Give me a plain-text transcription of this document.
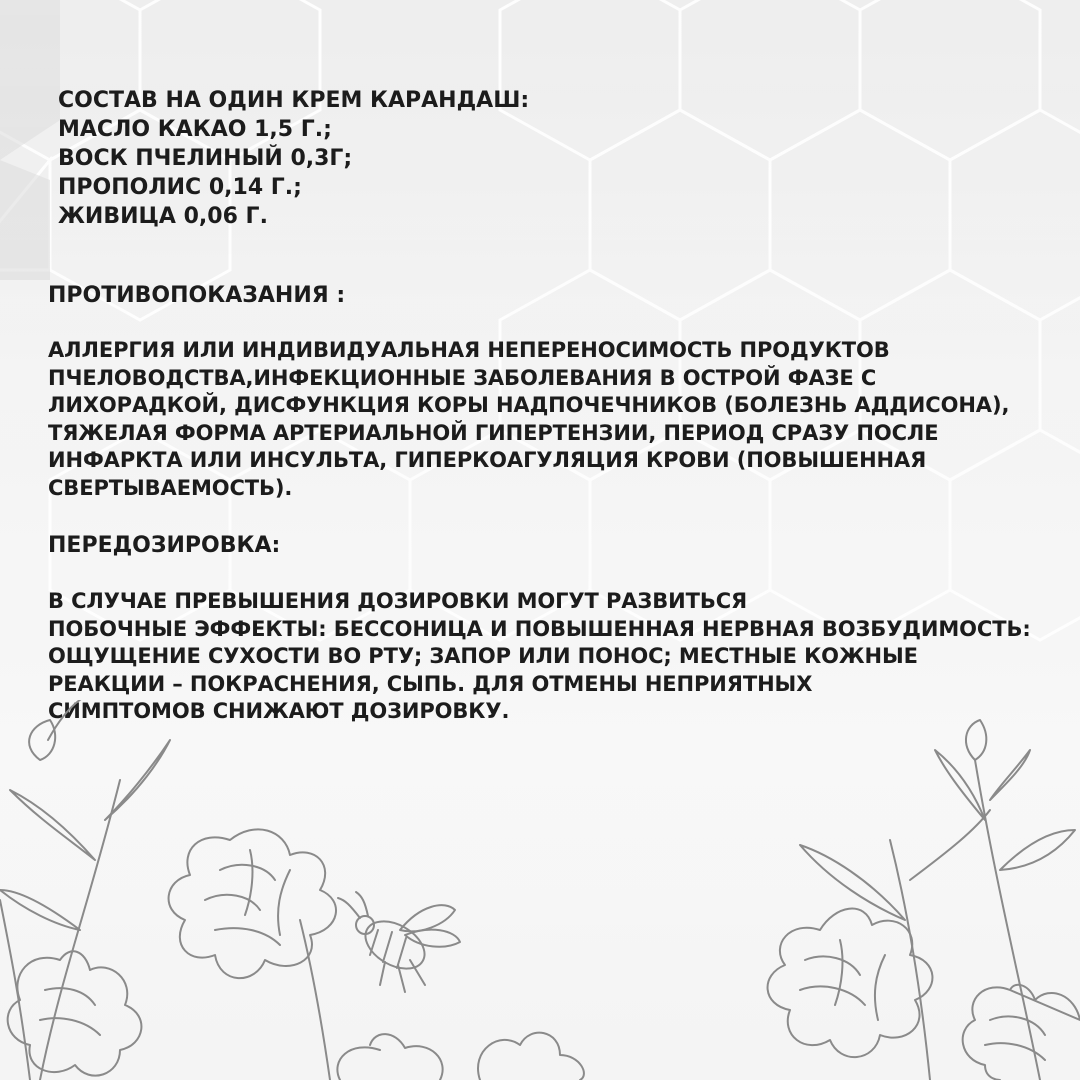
СОСТАВ НА ОДИН КРЕМ КАРАНДАШ:
МАСЛО КАКАО 1,5 Г.;
ВОСК ПЧЕЛИНЫЙ 0,3Г;
ПРОПОЛИС 0,14 Г.;
ЖИВИЦА 0,06 Г.
ПРОТИВОПОКАЗАНИЯ :
АЛЛЕРГИЯ ИЛИ ИНДИВИДУАЛЬНАЯ НЕПЕРЕНОСИМОСТЬ ПРОДУКТОВ
ПЧЕЛОВОДСТВА,ИНФЕКЦИОННЫЕ ЗАБОЛЕВАНИЯ В ОСТРОЙ ФАЗЕ С
ЛИХОРАДКОЙ, ДИСФУНКЦИЯ КОРЫ НАДПОЧЕЧНИКОВ (БОЛЕЗНЬ АДДИСОНА),
ТЯЖЕЛАЯ ФОРМА АРТЕРИАЛЬНОЙ ГИПЕРТЕНЗИИ, ПЕРИОД СРАЗУ ПОСЛЕ
ИНФАРКТА ИЛИ ИНСУЛЬТА, ГИПЕРКОАГУЛЯЦИЯ КРОВИ (ПОВЫШЕННАЯ
СВЕРТЫВАЕМОСТЬ).
ПЕРЕДОЗИРОВКА:
В СЛУЧАЕ ПРЕВЫШЕНИЯ ДОЗИРОВКИ МОГУТ РАЗВИТЬСЯ
ПОБОЧНЫЕ ЭФФЕКТЫ: БЕССОНИЦА И ПОВЫШЕННАЯ НЕРВНАЯ ВОЗБУДИМОСТЬ:
ОЩУЩЕНИЕ СУХОСТИ ВО РТУ; ЗАПОР ИЛИ ПОНОС; МЕСТНЫЕ КОЖНЫЕ
РЕАКЦИИ – ПОКРАСНЕНИЯ, СЫПЬ. ДЛЯ ОТМЕНЫ НЕПРИЯТНЫХ
СИМПТОМОВ СНИЖАЮТ ДОЗИРОВКУ.
